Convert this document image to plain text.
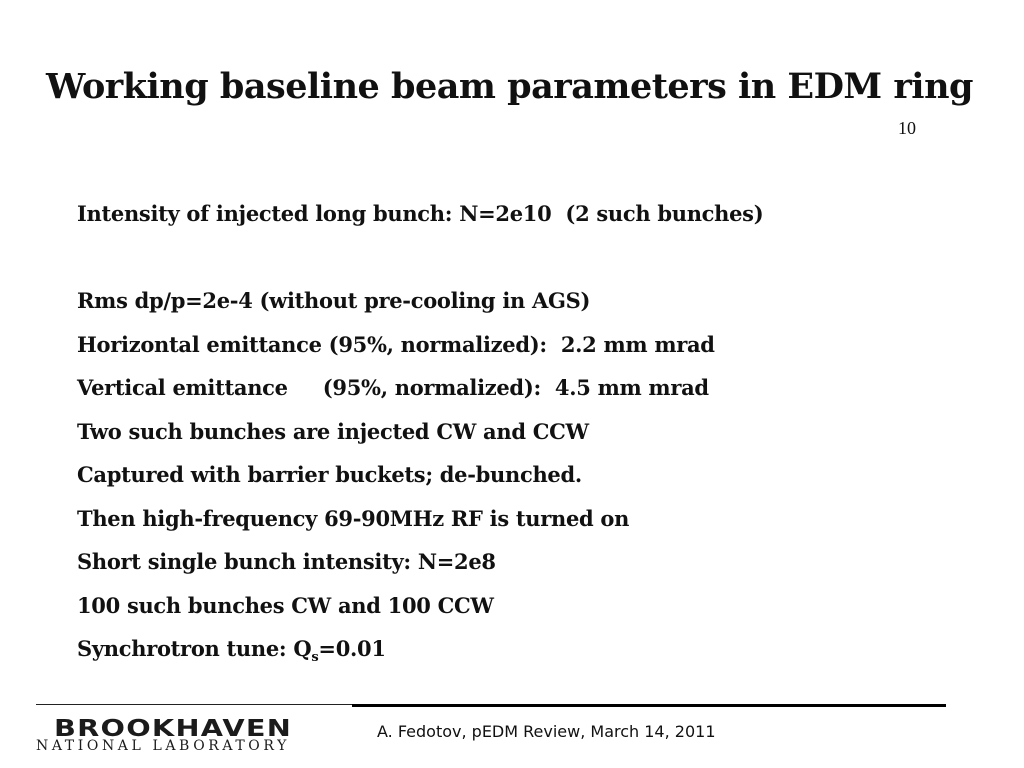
Working baseline beam parameters in EDM ring
10
Intensity of injected long bunch: N=2e10  (2 such bunches)
Rms dp/p=2e-4 (without pre-cooling in AGS)
Horizontal emittance (95%, normalized):  2.2 mm mrad
Vertical emittance     (95%, normalized):  4.5 mm mrad
Two such bunches are injected CW and CCW
Captured with barrier buckets; de-bunched.
Then high-frequency 69-90MHz RF is turned on
Short single bunch intensity: N=2e8
100 such bunches CW and 100 CCW
Synchrotron tune: $Q_s=0.01$
BROOKHAVEN
NATIONAL LABORATORY
A. Fedotov, pEDM Review, March 14, 2011
